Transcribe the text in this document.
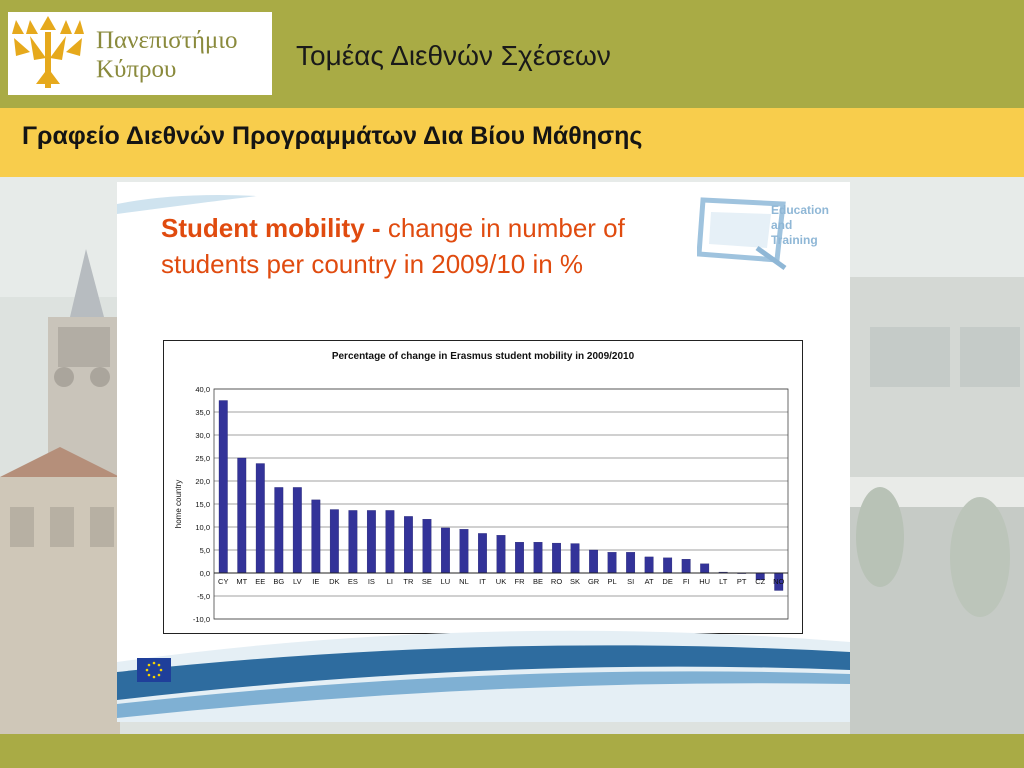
Πανεπιστήμιο
Κύπρου	Τομέας Διεθνών Σχέσεων
Γραφείο Διεθνών Προγραμμάτων Δια Βίου Μάθησης
Student mobility - change in number of students per country in 2009/10 in %
Education
and
Training
-10,0
-5,0
0,0
5,0
10,0
15,0
20,0
25,0
30,0
35,0
40,0
home country
CY MT EE BG LV IE DK ES IS LI TR SE LU NL IT UK FR BE RO SK GR PL SI AT DE FI HU LT PT CZ NO
Percentage of change in Erasmus student mobility in 2009/2010
